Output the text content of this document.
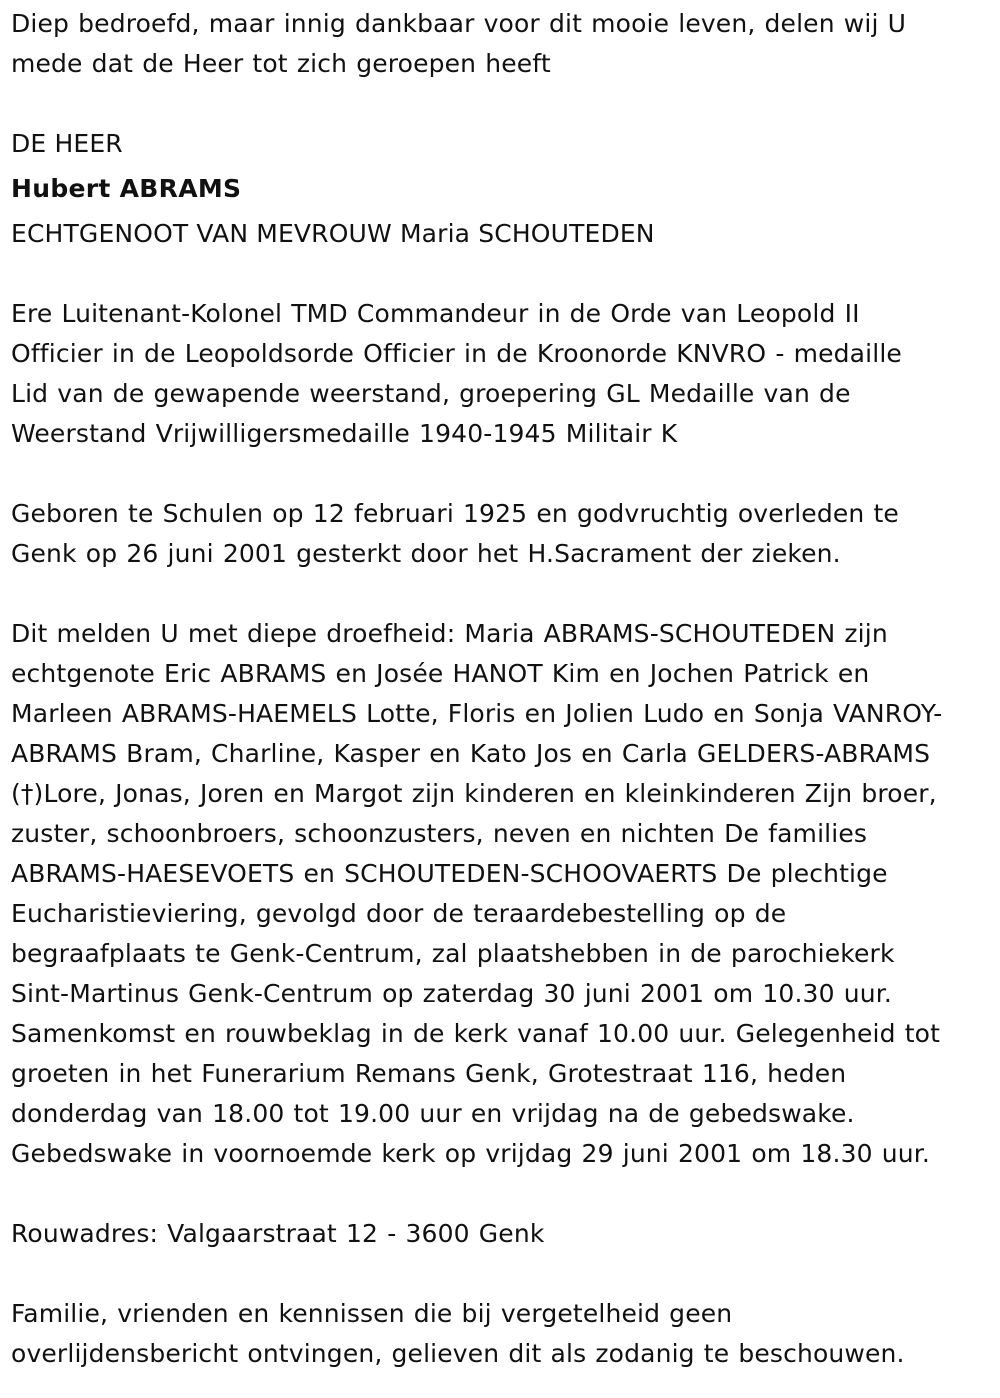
Diep bedroefd, maar innig dankbaar voor dit mooie leven, delen wij U
mede dat de Heer tot zich geroepen heeft

DE HEER
Hubert ABRAMS
ECHTGENOOT VAN MEVROUW Maria SCHOUTEDEN

Ere Luitenant-Kolonel TMD Commandeur in de Orde van Leopold II
Officier in de Leopoldsorde Officier in de Kroonorde KNVRO - medaille
Lid van de gewapende weerstand, groepering GL Medaille van de
Weerstand Vrijwilligersmedaille 1940-1945 Militair K

Geboren te Schulen op 12 februari 1925 en godvruchtig overleden te
Genk op 26 juni 2001 gesterkt door het H.Sacrament der zieken.

Dit melden U met diepe droefheid: Maria ABRAMS-SCHOUTEDEN zijn
echtgenote Eric ABRAMS en Josée HANOT Kim en Jochen Patrick en
Marleen ABRAMS-HAEMELS Lotte, Floris en Jolien Ludo en Sonja VANROY-
ABRAMS Bram, Charline, Kasper en Kato Jos en Carla GELDERS-ABRAMS
(†)Lore, Jonas, Joren en Margot zijn kinderen en kleinkinderen Zijn broer,
zuster, schoonbroers, schoonzusters, neven en nichten De families
ABRAMS-HAESEVOETS en SCHOUTEDEN-SCHOOVAERTS De plechtige
Eucharistieviering, gevolgd door de teraardebestelling op de
begraafplaats te Genk-Centrum, zal plaatshebben in de parochiekerk
Sint-Martinus Genk-Centrum op zaterdag 30 juni 2001 om 10.30 uur.
Samenkomst en rouwbeklag in de kerk vanaf 10.00 uur. Gelegenheid tot
groeten in het Funerarium Remans Genk, Grotestraat 116, heden
donderdag van 18.00 tot 19.00 uur en vrijdag na de gebedswake.
Gebedswake in voornoemde kerk op vrijdag 29 juni 2001 om 18.30 uur.

Rouwadres: Valgaarstraat 12 - 3600 Genk

Familie, vrienden en kennissen die bij vergetelheid geen
overlijdensbericht ontvingen, gelieven dit als zodanig te beschouwen.
